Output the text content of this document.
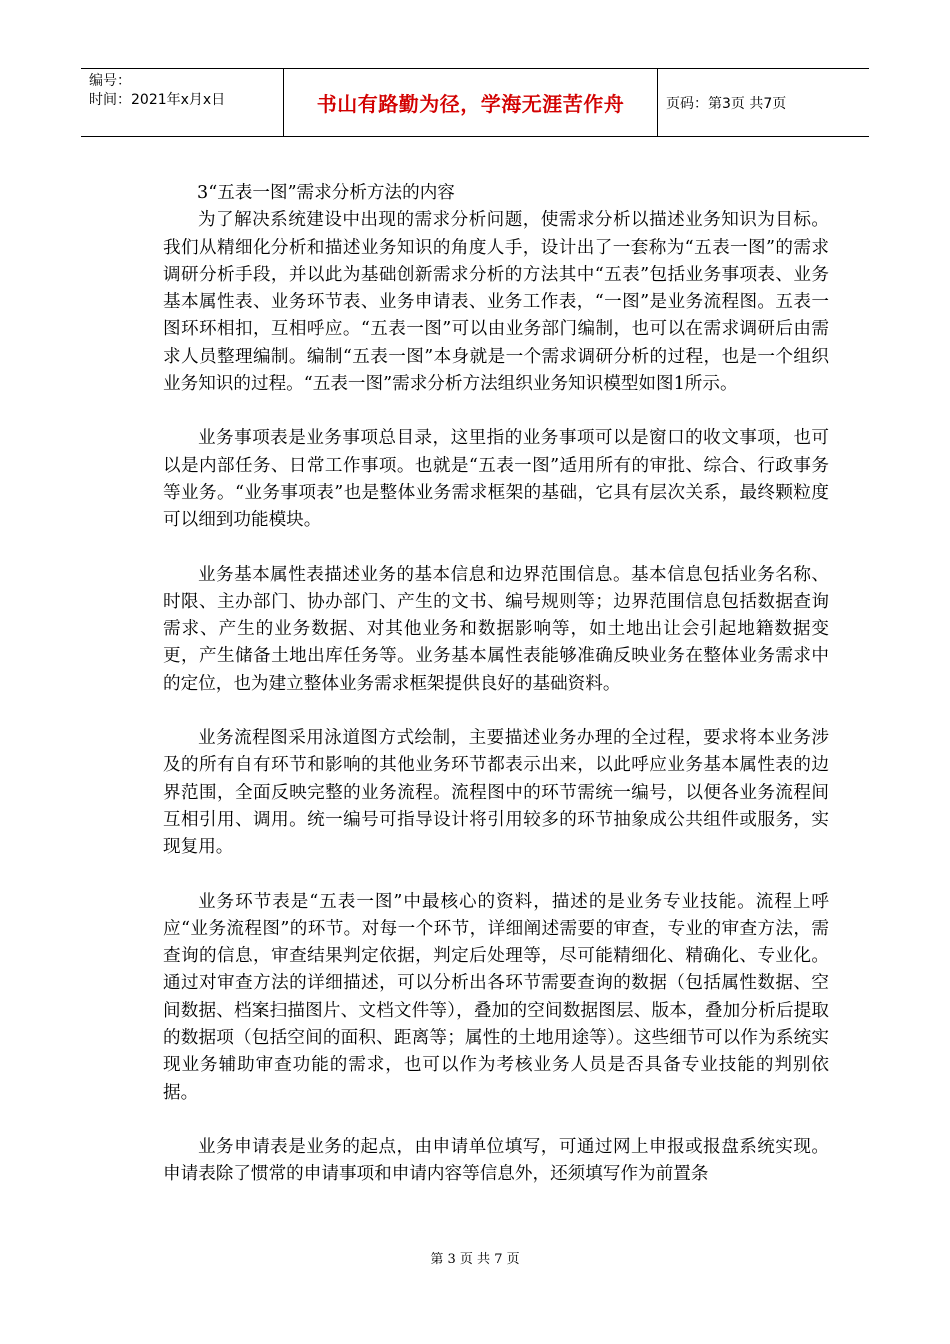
编号：
时间：2021年x月x日	书山有路勤为径，学海无涯苦作舟	页码：第3页 共7页

3“五表一图”需求分析方法的内容

为了解决系统建设中出现的需求分析问题，使需求分析以描述业务知识为目标。我们从精细化分析和描述业务知识的角度人手，设计出了一套称为“五表一图”的需求调研分析手段，并以此为基础创新需求分析的方法其中“五表”包括业务事项表、业务基本属性表、业务环节表、业务申请表、业务工作表，“一图”是业务流程图。五表一图环环相扣，互相呼应。“五表一图”可以由业务部门编制，也可以在需求调研后由需求人员整理编制。编制“五表一图”本身就是一个需求调研分析的过程，也是一个组织业务知识的过程。“五表一图”需求分析方法组织业务知识模型如图1所示。

业务事项表是业务事项总目录，这里指的业务事项可以是窗口的收文事项，也可以是内部任务、日常工作事项。也就是“五表一图”适用所有的审批、综合、行政事务等业务。“业务事项表”也是整体业务需求框架的基础，它具有层次关系，最终颗粒度可以细到功能模块。

业务基本属性表描述业务的基本信息和边界范围信息。基本信息包括业务名称、时限、主办部门、协办部门、产生的文书、编号规则等；边界范围信息包括数据查询需求、产生的业务数据、对其他业务和数据影响等，如土地出让会引起地籍数据变更，产生储备土地出库任务等。业务基本属性表能够准确反映业务在整体业务需求中的定位，也为建立整体业务需求框架提供良好的基础资料。

业务流程图采用泳道图方式绘制，主要描述业务办理的全过程，要求将本业务涉及的所有自有环节和影响的其他业务环节都表示出来，以此呼应业务基本属性表的边界范围，全面反映完整的业务流程。流程图中的环节需统一编号，以便各业务流程间互相引用、调用。统一编号可指导设计将引用较多的环节抽象成公共组件或服务，实现复用。

业务环节表是“五表一图”中最核心的资料，描述的是业务专业技能。流程上呼应“业务流程图”的环节。对每一个环节，详细阐述需要的审查，专业的审查方法，需查询的信息，审查结果判定依据，判定后处理等，尽可能精细化、精确化、专业化。通过对审查方法的详细描述，可以分析出各环节需要查询的数据（包括属性数据、空间数据、档案扫描图片、文档文件等），叠加的空间数据图层、版本，叠加分析后提取的数据项（包括空间的面积、距离等；属性的土地用途等）。这些细节可以作为系统实现业务辅助审查功能的需求，也可以作为考核业务人员是否具备专业技能的判别依据。

业务申请表是业务的起点，由申请单位填写，可通过网上申报或报盘系统实现。申请表除了惯常的申请事项和申请内容等信息外，还须填写作为前置条

第 3 页 共 7 页
